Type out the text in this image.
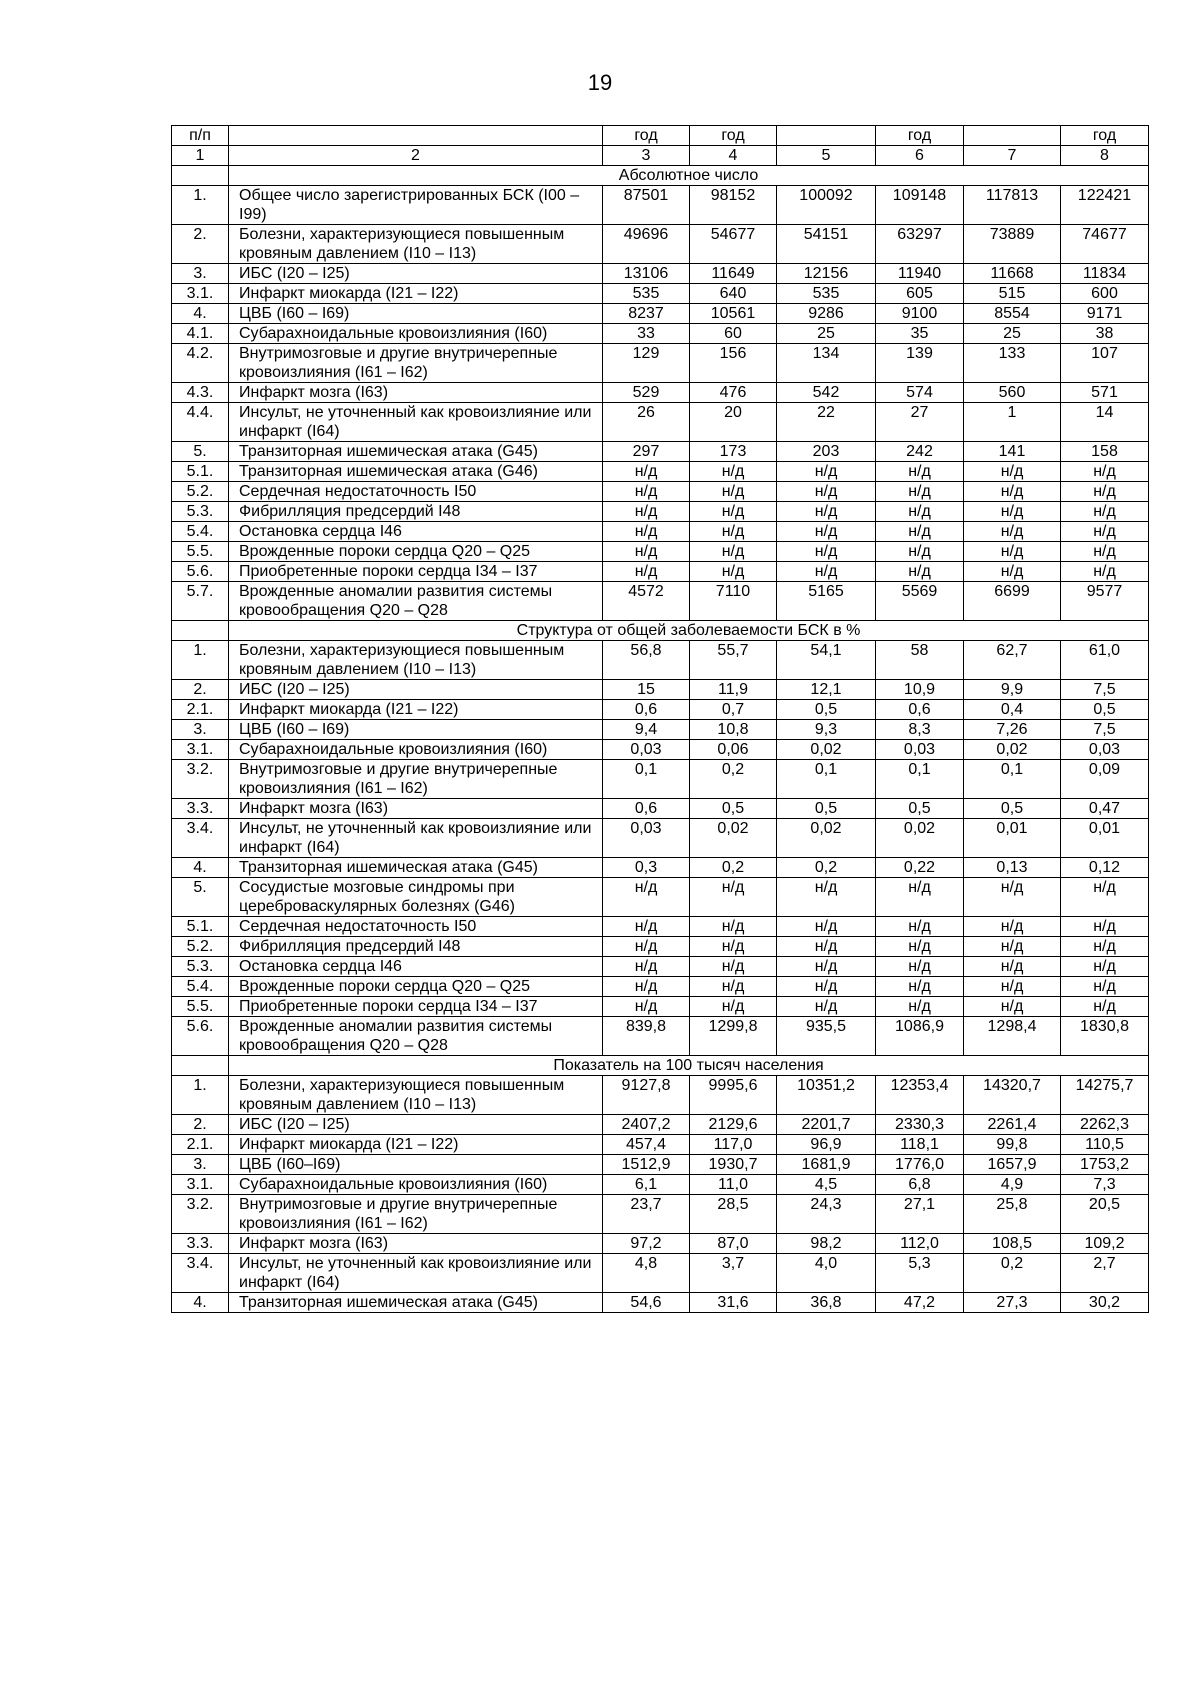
19
п/п		год	год		год		год
1	2	3	4	5	6	7	8
	Абсолютное число						
1.	Общее число зарегистрированных БСК (I00 – I99)	87501	98152	100092	109148	117813	122421
2.	Болезни, характеризующиеся повышенным кровяным давлением (I10 – I13)	49696	54677	54151	63297	73889	74677
3.	ИБС (I20 – I25)	13106	11649	12156	11940	11668	11834
3.1.	Инфаркт миокарда (I21 – I22)	535	640	535	605	515	600
4.	ЦВБ (I60 – I69)	8237	10561	9286	9100	8554	9171
4.1.	Субарахноидальные кровоизлияния (I60)	33	60	25	35	25	38
4.2.	Внутримозговые и другие внутричерепные кровоизлияния (I61 – I62)	129	156	134	139	133	107
4.3.	Инфаркт мозга (I63)	529	476	542	574	560	571
4.4.	Инсульт, не уточненный как кровоизлияние или инфаркт (I64)	26	20	22	27	1	14
5.	Транзиторная ишемическая атака (G45)	297	173	203	242	141	158
5.1.	Транзиторная ишемическая атака (G46)	н/д	н/д	н/д	н/д	н/д	н/д
5.2.	Сердечная недостаточность I50	н/д	н/д	н/д	н/д	н/д	н/д
5.3.	Фибрилляция предсердий I48	н/д	н/д	н/д	н/д	н/д	н/д
5.4.	Остановка сердца I46	н/д	н/д	н/д	н/д	н/д	н/д
5.5.	Врожденные пороки сердца Q20 – Q25	н/д	н/д	н/д	н/д	н/д	н/д
5.6.	Приобретенные пороки сердца I34 – I37	н/д	н/д	н/д	н/д	н/д	н/д
5.7.	Врожденные аномалии развития системы кровообращения Q20 – Q28	4572	7110	5165	5569	6699	9577
	Структура от общей заболеваемости БСК в %						
1.	Болезни, характеризующиеся повышенным кровяным давлением (I10 – I13)	56,8	55,7	54,1	58	62,7	61,0
2.	ИБС (I20 – I25)	15	11,9	12,1	10,9	9,9	7,5
2.1.	Инфаркт миокарда (I21 – I22)	0,6	0,7	0,5	0,6	0,4	0,5
3.	ЦВБ (I60 – I69)	9,4	10,8	9,3	8,3	7,26	7,5
3.1.	Субарахноидальные кровоизлияния (I60)	0,03	0,06	0,02	0,03	0,02	0,03
3.2.	Внутримозговые и другие внутричерепные кровоизлияния (I61 – I62)	0,1	0,2	0,1	0,1	0,1	0,09
3.3.	Инфаркт мозга (I63)	0,6	0,5	0,5	0,5	0,5	0,47
3.4.	Инсульт, не уточненный как кровоизлияние или инфаркт (I64)	0,03	0,02	0,02	0,02	0,01	0,01
4.	Транзиторная ишемическая атака (G45)	0,3	0,2	0,2	0,22	0,13	0,12
5.	Сосудистые мозговые синдромы при цереброваскулярных болезнях (G46)	н/д	н/д	н/д	н/д	н/д	н/д
5.1.	Сердечная недостаточность I50	н/д	н/д	н/д	н/д	н/д	н/д
5.2.	Фибрилляция предсердий I48	н/д	н/д	н/д	н/д	н/д	н/д
5.3.	Остановка сердца I46	н/д	н/д	н/д	н/д	н/д	н/д
5.4.	Врожденные пороки сердца Q20 – Q25	н/д	н/д	н/д	н/д	н/д	н/д
5.5.	Приобретенные пороки сердца I34 – I37	н/д	н/д	н/д	н/д	н/д	н/д
5.6.	Врожденные аномалии развития системы кровообращения Q20 – Q28	839,8	1299,8	935,5	1086,9	1298,4	1830,8
	Показатель на 100 тысяч населения						
1.	Болезни, характеризующиеся повышенным кровяным давлением (I10 – I13)	9127,8	9995,6	10351,2	12353,4	14320,7	14275,7
2.	ИБС (I20 – I25)	2407,2	2129,6	2201,7	2330,3	2261,4	2262,3
2.1.	Инфаркт миокарда (I21 – I22)	457,4	117,0	96,9	118,1	99,8	110,5
3.	ЦВБ (I60–I69)	1512,9	1930,7	1681,9	1776,0	1657,9	1753,2
3.1.	Субарахноидальные кровоизлияния (I60)	6,1	11,0	4,5	6,8	4,9	7,3
3.2.	Внутримозговые и другие внутричерепные кровоизлияния (I61 – I62)	23,7	28,5	24,3	27,1	25,8	20,5
3.3.	Инфаркт мозга (I63)	97,2	87,0	98,2	112,0	108,5	109,2
3.4.	Инсульт, не уточненный как кровоизлияние или инфаркт (I64)	4,8	3,7	4,0	5,3	0,2	2,7
4.	Транзиторная ишемическая атака (G45)	54,6	31,6	36,8	47,2	27,3	30,2
